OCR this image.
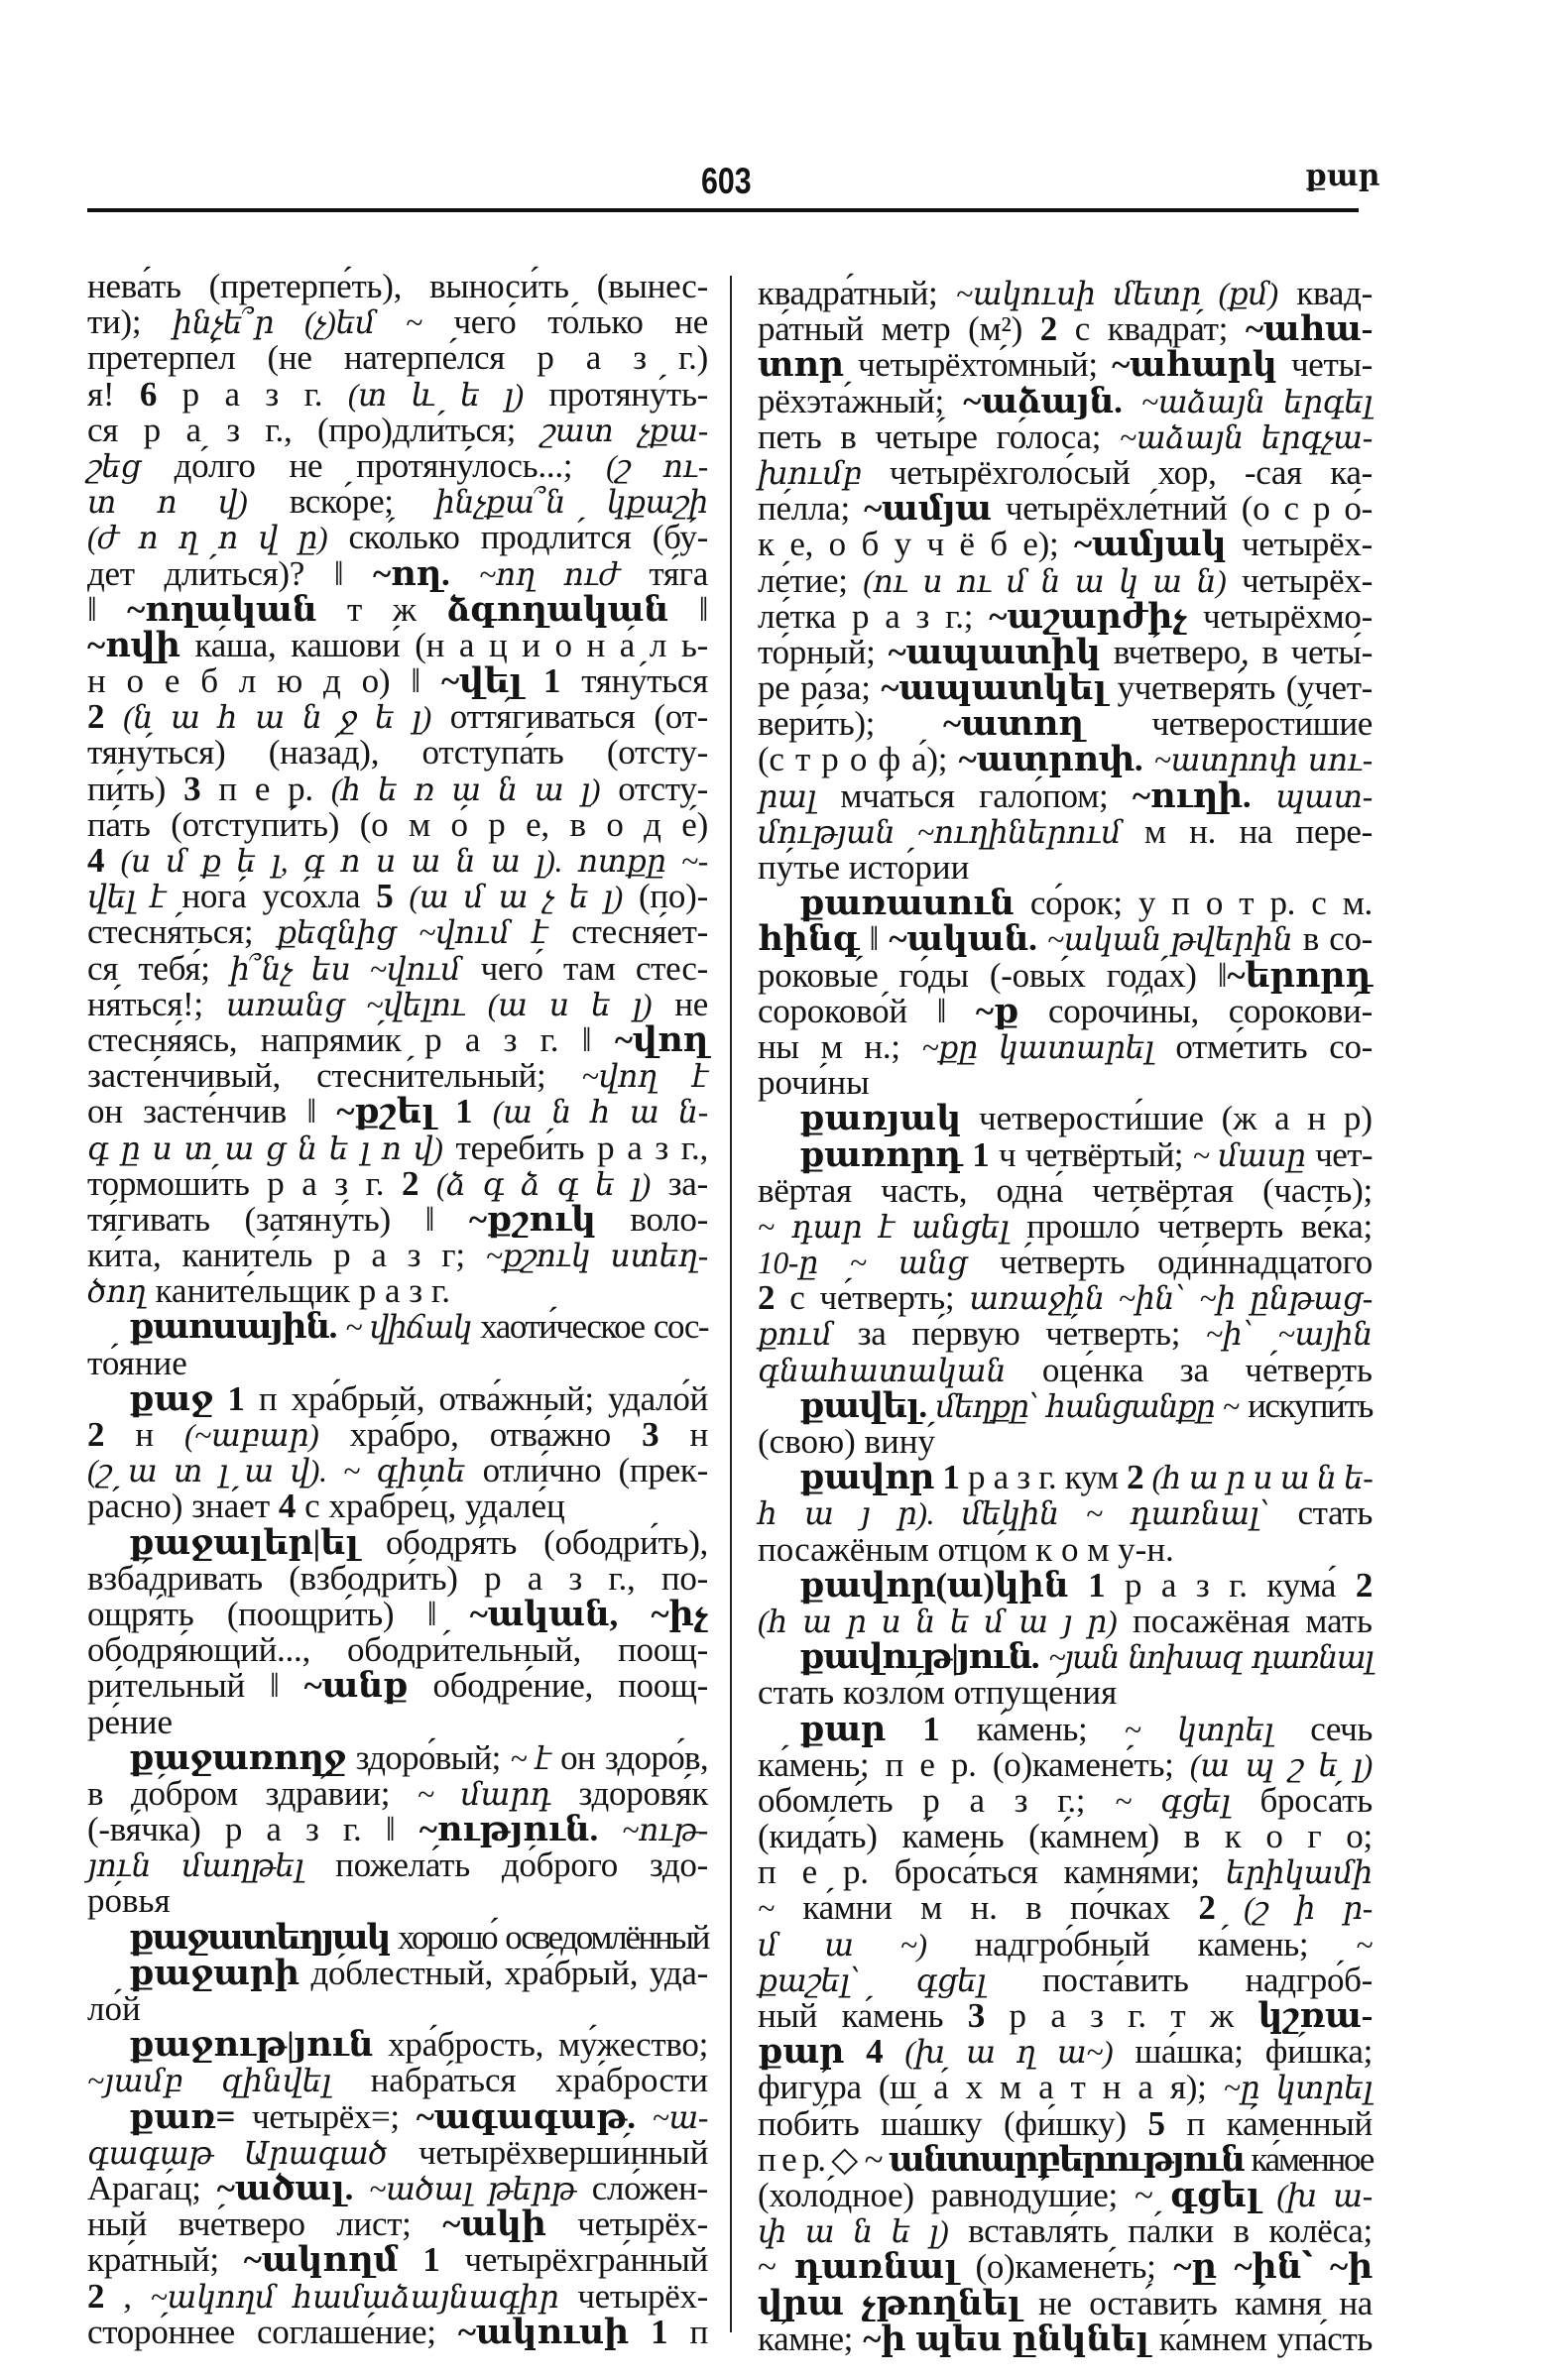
603	քար
нева́ть (претерпе́ть), выноси́ть (вынес-
ти); ինչե՞ր (չ)եմ ~ чего́ то́лько не
претерпе́л (не натерпе́лся р а з г.)
я! 6 р а з г. (տ և ե լ) протяну́ть-
ся р а з г., (про)дли́ться; շատ չքա-
շեց до́лго не протяну́лось...; (շ ու-
տ ո վ) вско́ре; ինչքա՞ն կքաշի
(ժ ո ղ ո վ ը) ско́лько продли́тся (бу́-
дет дли́ться)? ‖ ~ող. ~ող ուժ тя́га
‖ ~ողական т ж ձգողական ‖
~ովի ка́ша, кашови́ (н а ц и о н а́ л ь-
н о е б л ю д о) ‖ ~վել 1 тяну́ться
2 (ն ա հ ա ն ջ ե լ) оття́гиваться (от-
тяну́ться) (наза́д), отступа́ть (отсту-
пи́ть) 3 п е р. (հ ե ռ ա ն ա լ) отсту-
па́ть (отступи́ть) (о м о́ р е, в о д е́)
4 (ս մ ք ե լ, գ ո ս ա ն ա լ). ոտքը ~-
վել է нога́ усо́хла 5 (ա մ ա չ ե լ) (по)-
стесня́ться; քեզնից ~վում է стесня́ет-
ся тебя́; ի՞նչ ես ~վում чего́ там стес-
ня́ться!; առանց ~վելու (ա ս ե լ) не
стесня́ясь, напрями́к р а з г. ‖ ~վող
засте́нчивый, стесни́тельный; ~վող է
он засте́нчив ‖ ~քշել 1 (ա ն հ ա ն-
գ ը ս տ ա ց ն ե լ ո վ) тереби́ть р а з г.,
тормоши́ть р а з г. 2 (ձ գ ձ գ ե լ) за-
тя́гивать (затяну́ть) ‖ ~քշուկ воло-
ки́та, каните́ль р а з г; ~քշուկ ստեղ-
ծող каните́льщик р а з г.
քաոսային. ~ վիճակ хаоти́ческое сос-
то́яние
քաջ 1 п хра́брый, отва́жный; удало́й
2 н (~աբար) хра́бро, отва́жно 3 н
(շ ա տ լ ա վ). ~ գիտե отли́чно (прек-
ра́сно) зна́ет 4 с храбре́ц, удале́ц
քաջալեր|ել ободря́ть (ободри́ть),
взба́дривать (взбодри́ть) р а з г., по-
ощря́ть (поощри́ть) ‖ ~ական, ~իչ
ободря́ющий..., ободри́тельный, поощ-
ри́тельный ‖ ~անք ободре́ние, поощ-
ре́ние
քաջառողջ здоро́вый; ~ է он здоро́в,
в до́бром здра́вии; ~ մարդ здоровя́к
(-вя́чка) р а з г. ‖ ~ություն. ~ութ-
յուն մաղթել пожела́ть до́брого здо-
ро́вья
քաջատեղյակ хорошо́ осведомлённый
քաջարի до́блестный, хра́брый, уда-
ло́й
քաջութ|յուն хра́брость, му́жество;
~յամբ զինվել набра́ться хра́брости
քառ= четырёх=; ~ագագաթ. ~ա-
գագաթ Արագած четырёхверши́нный
Арага́ц; ~ածալ. ~ածալ թերթ сло́жен-
ный вче́тверо лист; ~ակի четырёх-
кра́тный; ~ակողմ 1 четырёхгра́нный
2 , ~ակողմ համաձայնագիր четырёх-
сторо́ннее соглаше́ние; ~ակուսի 1 п
квадра́тный; ~ակուսի մետր (քմ) квад-
ра́тный метр (м²) 2 с квадра́т; ~ահա-
տոր четырёхто́мный; ~ահարկ четы-
рёхэта́жный; ~աձայն. ~աձայն երգել
петь в четы́ре го́лоса; ~աձայն երգչա-
խումբ четырёхголо́сый хор, -сая ка-
пе́лла; ~ամյա четырёхле́тний (о с р о́-
к е, о б у ч ё б е); ~ամյակ четырёх-
ле́тие; (ու ս ու մ ն ա կ ա ն) четырёх-
ле́тка р а з г.; ~աշարժիչ четырёхмо-
то́рный; ~ապատիկ вче́тверо, в четы́-
ре ра́за; ~ապատկել учетверя́ть (учет-
вери́ть); ~ատող четверости́шие
(с т р о ф а́); ~ատրոփ. ~ատրոփ սու-
րալ мча́ться гало́пом; ~ուղի. պատ-
մության ~ուղիներում м н. на пере-
пу́тье исто́рии
քառասուն со́рок; у п о т р. с м.
հինգ ‖ ~ական. ~ական թվերին в со-
роковы́е го́ды (-овы́х года́х) ‖~երորդ
сороково́й ‖ ~ք сорочи́ны, сорокови́-
ны м н.; ~քը կատարել отме́тить со-
рочи́ны
քառյակ четверости́шие (ж а н р)
քառորդ 1 ч четвёртый; ~ մասը чет-
вёртая часть, одна́ четвёртая (часть);
~ դար է անցել прошло́ че́тверть ве́ка;
10-ը ~ անց че́тверть оди́ннадцатого
2 с че́тверть; առաջին ~ին՝ ~ի ընթաց-
քում за пе́рвую че́тверть; ~ի՝ ~ային
գնահատական оце́нка за че́тверть
քավել. մեղքը՝ հանցանքը ~ искупи́ть
(свою) вину́
քավոր 1 р а з г. кум 2 (հ ա ր ս ա ն ե-
հ ա յ ր). մեկին ~ դառնալ՝ стать
посажёным отцо́м к о м у-н.
քավոր(ա)կին 1 р а з г. кума́ 2
(հ ա ր ս ն ե մ ա յ ր) посажёная мать
քավութ|յուն. ~յան նոխազ դառնալ
стать козло́м отпуще́ния
քար 1 ка́мень; ~ կտրել сечь
ка́мень; п е р. (о)камене́ть; (ա պ շ ե լ)
обомле́ть р а з г.; ~ գցել броса́ть
(кида́ть) ка́мень (ка́мнем) в к о г о;
п е р. броса́ться камня́ми; երիկամի
~ ка́мни м н. в по́чках 2 (շ ի ր-
մ ա ~) надгро́бный ка́мень; ~
քաշել՝ գցել поста́вить надгро́б-
ный ка́мень 3 р а з г. т ж կշռա-
քար 4 (խ ա ղ ա~) ша́шка; фи́шка;
фигу́ра (ш а́ х м а т н а я); ~ը կտրել
поби́ть ша́шку (фи́шку) 5 п ка́менный
п е р. ◇ ~ անտարբերություն ка́менное
(холо́дное) равноду́шие; ~ գցել (խ ա-
փ ա ն ե լ) вставля́ть па́лки в колёса;
~ դառնալ (о)камене́ть; ~ը ~ին՝ ~ի
վրա չթողնել не оста́вить ка́мня на
ка́мне; ~ի պես ընկնել ка́мнем упа́сть
